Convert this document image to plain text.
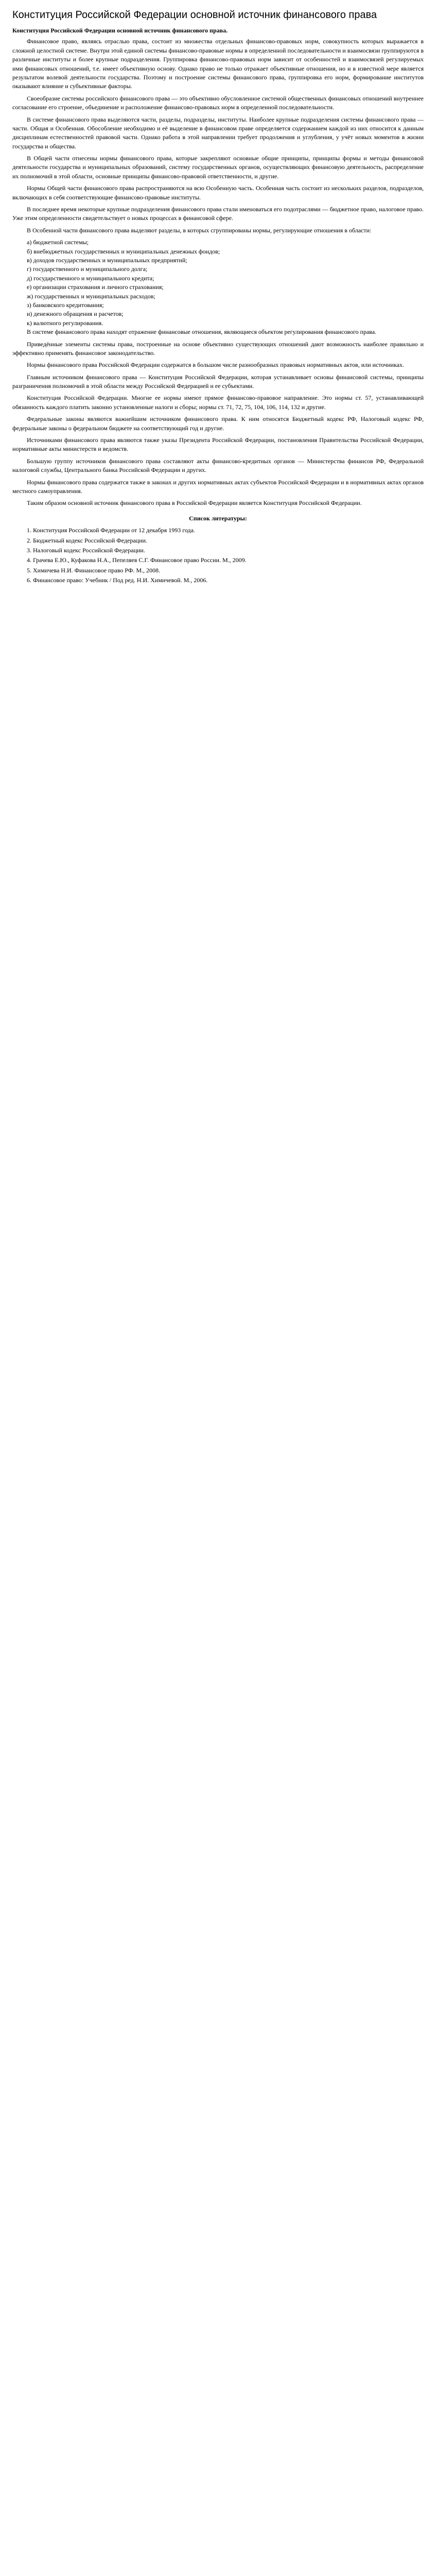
Конституция Российской Федерации основной источник финансового права

Конституция Российской Федерации основной источник финансового права.

Финансовое право, являясь отраслью права, состоит из множества отдельных финансово-правовых норм, совокупность которых выражается в сложной целостной системе. Внутри этой единой системы финансово-правовые нормы в определенной последовательности и взаимосвязи группируются в различные институты и более крупные подразделения. Группировка финансово-правовых норм зависит от особенностей и взаимосвязей регулируемых ими финансовых отношений, т.е. имеет объективную основу. Однако право не только отражает объективные отношения, но и в известной мере является результатом волевой деятельности государства. Поэтому и построение системы финансового права, группировка его норм, формирование институтов оказывают влияние и субъективные факторы.

Своеобразие системы российского финансового права — это объективно обусловленное системой общественных финансовых отношений внутреннее согласование его строение, объединение и расположение финансово-правовых норм в определенной последовательности.

В системе финансового права выделяются части, разделы, подразделы, институты. Наиболее крупные подразделения системы финансового права — части. Общая и Особенная. Обособление необходимо и её выделение в финансовом праве определяется содержанием каждой из них относится к данным дисциплинам естественностей правовой части. Однако работа в этой направлении требует продолжения и углубления, у учёт новых моментов в жизни государства и общества.

В Общей части отнесены нормы финансового права, которые закрепляют основные общие принципы, принципы формы и методы финансовой деятельности государства и муниципальных образований, систему государственных органов, осуществляющих финансовую деятельность, распределение их полномочий в этой области, основные принципы финансово-правовой ответственности, и другие.

Нормы Общей части финансового права распространяются на всю Особенную часть. Особенная часть состоит из нескольких разделов, подразделов, включающих в себя соответствующие финансово-правовые институты.

В последнее время некоторые крупные подразделения финансового права стали именоваться его подотраслями — бюджетное право, налоговое право. Уже этим определенности свидетельствует о новых процессах в финансовой сфере.

В Особенной части финансового права выделяют разделы, в которых сгруппированы нормы, регулирующие отношения в области:

а) бюджетной системы;

б) внебюджетных государственных и муниципальных денежных фондов;

в) доходов государственных и муниципальных предприятий;

г) государственного и муниципального долга;

д) государственного и муниципального кредита;

е) организации страхования и личного страхования;

ж) государственных и муниципальных расходов;

з) банковского кредитования;

и) денежного обращения и расчетов;

к) валютного регулирования.

В системе финансового права находят отражение финансовые отношения, являющиеся объектом регулирования финансового права.

Приведённые элементы системы права, построенные на основе объективно существующих отношений дают возможность наиболее правильно и эффективно применять финансовое законодательство.

Нормы финансового права Российской Федерации содержатся в большом числе разнообразных правовых нормативных актов, или источниках.

Главным источником финансового права — Конституция Российской Федерации, которая устанавливает основы финансовой системы, принципы разграничения полномочий в этой области между Российской Федерацией и ее субъектами.

Конституция Российской Федерации. Многие ее нормы имеют прямое финансово-правовое направление. Это нормы ст. 57, устанавливающей обязанность каждого платить законно установленные налоги и сборы; нормы ст. 71, 72, 75, 104, 106, 114, 132 и другие.

Федеральные законы являются важнейшим источником финансового права. К ним относятся Бюджетный кодекс РФ, Налоговый кодекс РФ, федеральные законы о федеральном бюджете на соответствующий год и другие.

Источниками финансового права являются также указы Президента Российской Федерации, постановления Правительства Российской Федерации, нормативные акты министерств и ведомств.

Большую группу источников финансового права составляют акты финансово-кредитных органов — Министерства финансов РФ, Федеральной налоговой службы, Центрального банка Российской Федерации и других.

Нормы финансового права содержатся также в законах и других нормативных актах субъектов Российской Федерации и в нормативных актах органов местного самоуправления.

Таким образом основной источник финансового права в Российской Федерации является Конституция Российской Федерации.

Список литературы:

1. Конституция Российской Федерации от 12 декабря 1993 года.

2. Бюджетный кодекс Российской Федерации.

3. Налоговый кодекс Российской Федерации.

4. Грачева Е.Ю., Куфакова Н.А., Пепеляев С.Г. Финансовое право России. М., 2009.

5. Химичева Н.И. Финансовое право РФ. М., 2008.

6. Финансовое право: Учебник / Под ред. Н.И. Химичевой. М., 2006.
